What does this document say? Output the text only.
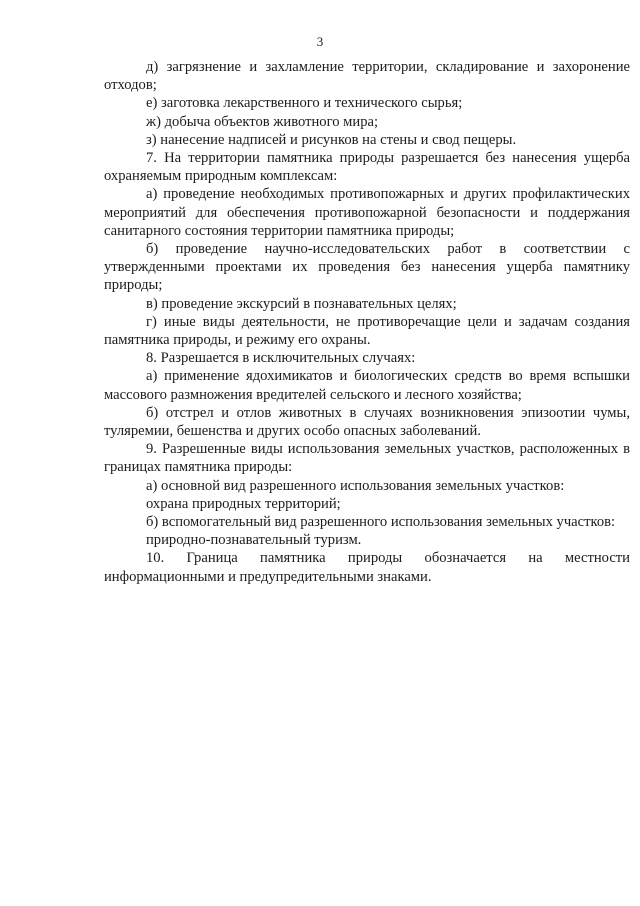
3

д) загрязнение и захламление территории, складирование и захоронение отходов;

е) заготовка лекарственного и технического сырья;

ж) добыча объектов животного мира;

з) нанесение надписей и рисунков на стены и свод пещеры.

7. На территории памятника природы разрешается без нанесения ущерба охраняемым природным комплексам:

а) проведение необходимых противопожарных и других профилактических мероприятий для обеспечения противопожарной безопасности и поддержания санитарного состояния территории памятника природы;

б) проведение научно-исследовательских работ в соответствии с утвержденными проектами их проведения без нанесения ущерба памятнику природы;

в) проведение экскурсий в познавательных целях;

г) иные виды деятельности, не противоречащие цели и задачам создания памятника природы, и режиму его охраны.

8. Разрешается в исключительных случаях:

а) применение ядохимикатов и биологических средств во время вспышки массового размножения вредителей сельского и лесного хозяйства;

б) отстрел и отлов животных в случаях возникновения эпизоотии чумы, туляремии, бешенства и других особо опасных заболеваний.

9. Разрешенные виды использования земельных участков, расположенных в границах памятника природы:

а) основной вид разрешенного использования земельных участков:

охрана природных территорий;

б) вспомогательный вид разрешенного использования земельных участков:

природно-познавательный туризм.

10. Граница памятника природы обозначается на местности информационными и предупредительными знаками.
